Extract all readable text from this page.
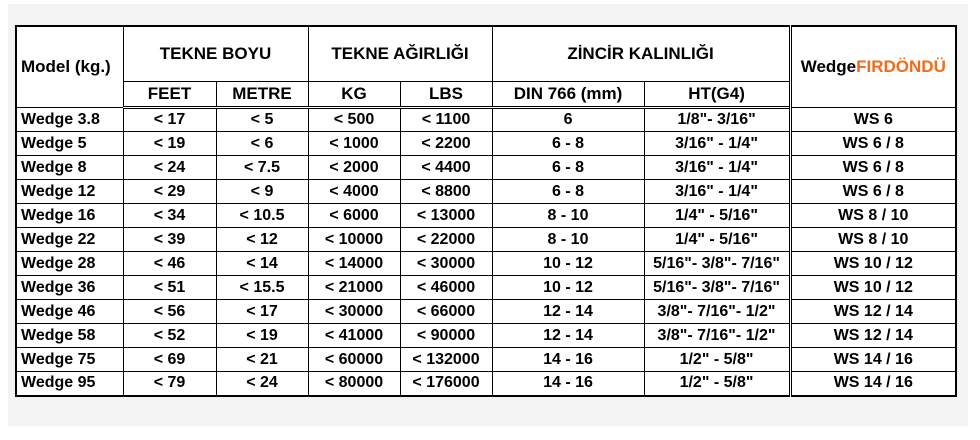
Model (kg.)	TEKNE BOYU		TEKNE AĞIRLIĞI		ZİNCİR KALINLIĞI		WedgeFIRDÖNDÜ
	FEET	METRE	KG	LBS	DIN 766 (mm)	HT(G4)	
Wedge 3.8	< 17	< 5	< 500	< 1100	6	1/8"- 3/16"	WS 6
Wedge 5	< 19	< 6	< 1000	< 2200	6 - 8	3/16" - 1/4"	WS 6 / 8
Wedge 8	< 24	< 7.5	< 2000	< 4400	6 - 8	3/16" - 1/4"	WS 6 / 8
Wedge 12	< 29	< 9	< 4000	< 8800	6 - 8	3/16" - 1/4"	WS 6 / 8
Wedge 16	< 34	< 10.5	< 6000	< 13000	8 - 10	1/4" - 5/16"	WS 8 / 10
Wedge 22	< 39	< 12	< 10000	< 22000	8 - 10	1/4" - 5/16"	WS 8 / 10
Wedge 28	< 46	< 14	< 14000	< 30000	10 - 12	5/16"- 3/8"- 7/16"	WS 10 / 12
Wedge 36	< 51	< 15.5	< 21000	< 46000	10 - 12	5/16"- 3/8"- 7/16"	WS 10 / 12
Wedge 46	< 56	< 17	< 30000	< 66000	12 - 14	3/8"- 7/16"- 1/2"	WS 12 / 14
Wedge 58	< 52	< 19	< 41000	< 90000	12 - 14	3/8"- 7/16"- 1/2"	WS 12 / 14
Wedge 75	< 69	< 21	< 60000	< 132000	14 - 16	1/2" - 5/8"	WS 14 / 16
Wedge 95	< 79	< 24	< 80000	< 176000	14 - 16	1/2" - 5/8"	WS 14 / 16
